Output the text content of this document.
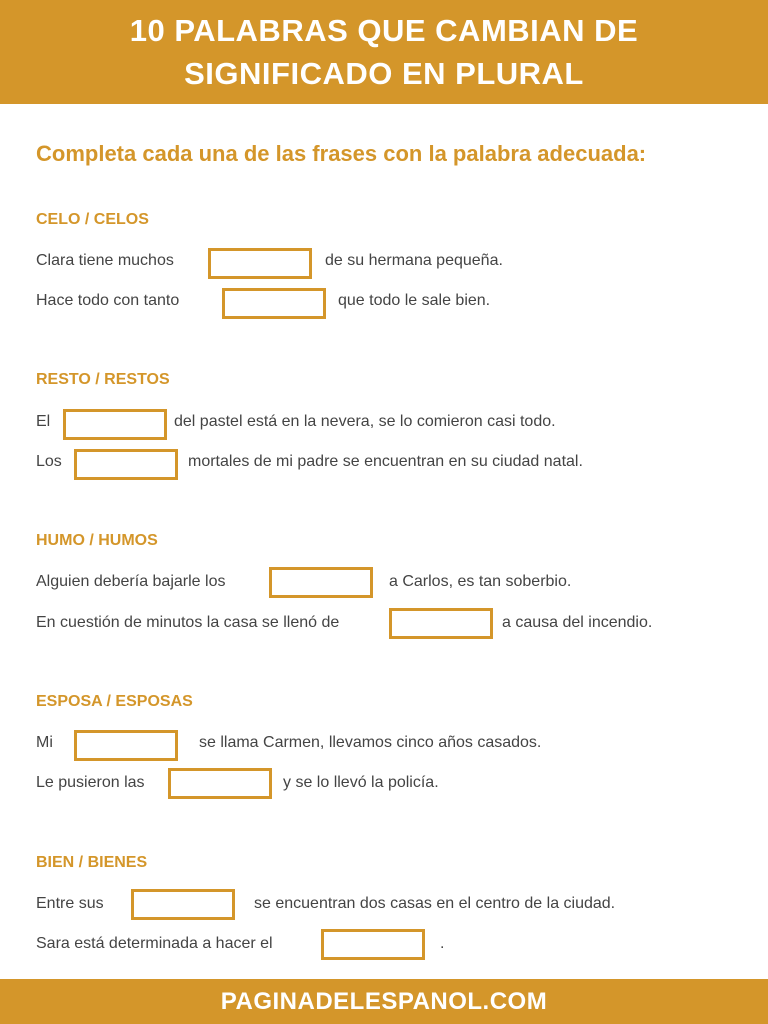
10 PALABRAS QUE CAMBIAN DE
SIGNIFICADO EN PLURAL
Completa cada una de las frases con la palabra adecuada:
CELO / CELOS
Clara tiene muchos	de su hermana pequeña.
Hace todo con tanto	que todo le sale bien.
RESTO / RESTOS
El	del pastel está en la nevera, se lo comieron casi todo.
Los	mortales de mi padre se encuentran en su ciudad natal.
HUMO / HUMOS
Alguien debería bajarle los	a Carlos, es tan soberbio.
En cuestión de minutos la casa se llenó de	a causa del incendio.
ESPOSA / ESPOSAS
Mi	se llama Carmen, llevamos cinco años casados.
Le pusieron las	y se lo llevó la policía.
BIEN / BIENES
Entre sus	se encuentran dos casas en el centro de la ciudad.
Sara está determinada a hacer el	.
PAGINADELESPANOL.COM
